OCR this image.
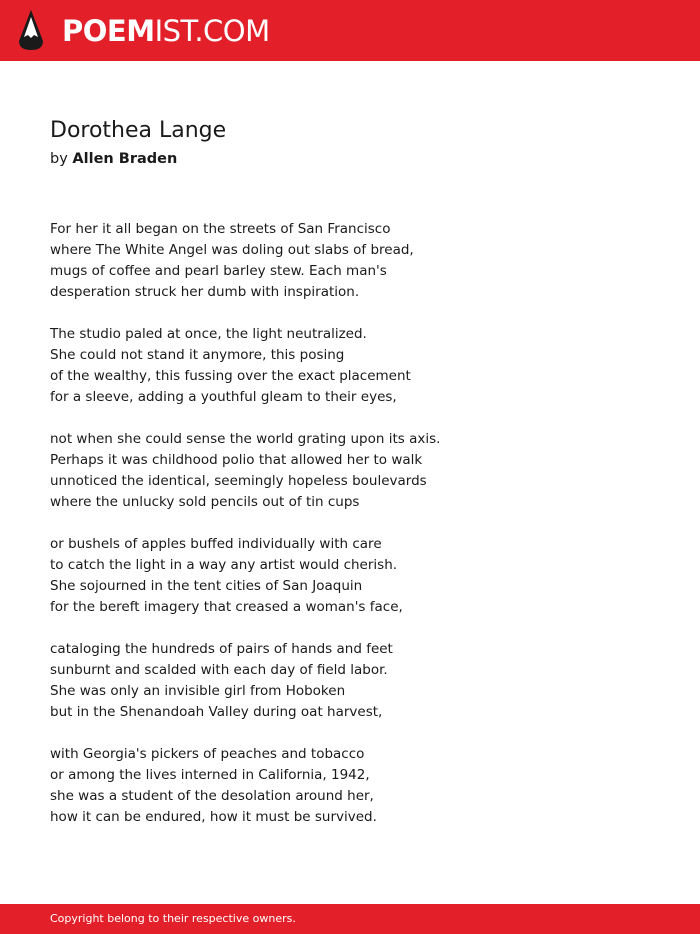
POEMIST.COM
Dorothea Lange
by Allen Braden
For her it all began on the streets of San Francisco
where The White Angel was doling out slabs of bread,
mugs of coffee and pearl barley stew. Each man's
desperation struck her dumb with inspiration.
The studio paled at once, the light neutralized.
She could not stand it anymore, this posing
of the wealthy, this fussing over the exact placement
for a sleeve, adding a youthful gleam to their eyes,
not when she could sense the world grating upon its axis.
Perhaps it was childhood polio that allowed her to walk
unnoticed the identical, seemingly hopeless boulevards
where the unlucky sold pencils out of tin cups
or bushels of apples buffed individually with care
to catch the light in a way any artist would cherish.
She sojourned in the tent cities of San Joaquin
for the bereft imagery that creased a woman's face,
cataloging the hundreds of pairs of hands and feet
sunburnt and scalded with each day of field labor.
She was only an invisible girl from Hoboken
but in the Shenandoah Valley during oat harvest,
with Georgia's pickers of peaches and tobacco
or among the lives interned in California, 1942,
she was a student of the desolation around her,
how it can be endured, how it must be survived.
Copyright belong to their respective owners.
